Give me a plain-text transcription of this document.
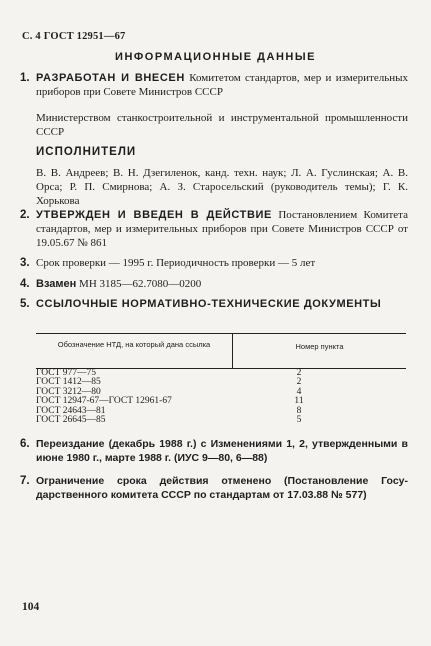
С. 4 ГОСТ 12951—67
ИНФОРМАЦИОННЫЕ ДАННЫЕ
1. РАЗРАБОТАН И ВНЕСЕН Комитетом стандартов, мер и измерительных приборов при Совете Министров СССР
Министерством станкостроительной и инструментальной промышленности СССР
ИСПОЛНИТЕЛИ
В. В. Андреев; В. Н. Дзегиленок, канд. техн. наук; Л. А. Гуслинская; А. В. Орса; Р. П. Смирнова; А. З. Старосельский (руководитель темы); Г. К. Хорькова
2. УТВЕРЖДЕН И ВВЕДЕН В ДЕЙСТВИЕ Постановлением Комитета стандартов, мер и измерительных приборов при Совете Министров СССР от 19.05.67 № 861
3. Срок проверки — 1995 г. Периодичность проверки — 5 лет
4. Взамен МН 3185—62.7080—0200
5. ССЫЛОЧНЫЕ НОРМАТИВНО-ТЕХНИЧЕСКИЕ ДОКУМЕНТЫ
Обозначение НТД, на который дана ссылка	Номер пункта
ГОСТ 977—75	2
ГОСТ 1412—85	2
ГОСТ 3212—80	4
ГОСТ 12947-67—ГОСТ 12961-67	11
ГОСТ 24643—81	8
ГОСТ 26645—85	5
6. Переиздание (декабрь 1988 г.) с Изменениями 1, 2, утвержденными в июне 1980 г., марте 1988 г. (ИУС 9—80, 6—88)
7. Ограничение срока действия отменено (Постановление Государственного комитета СССР по стандартам от 17.03.88 № 577)
104
